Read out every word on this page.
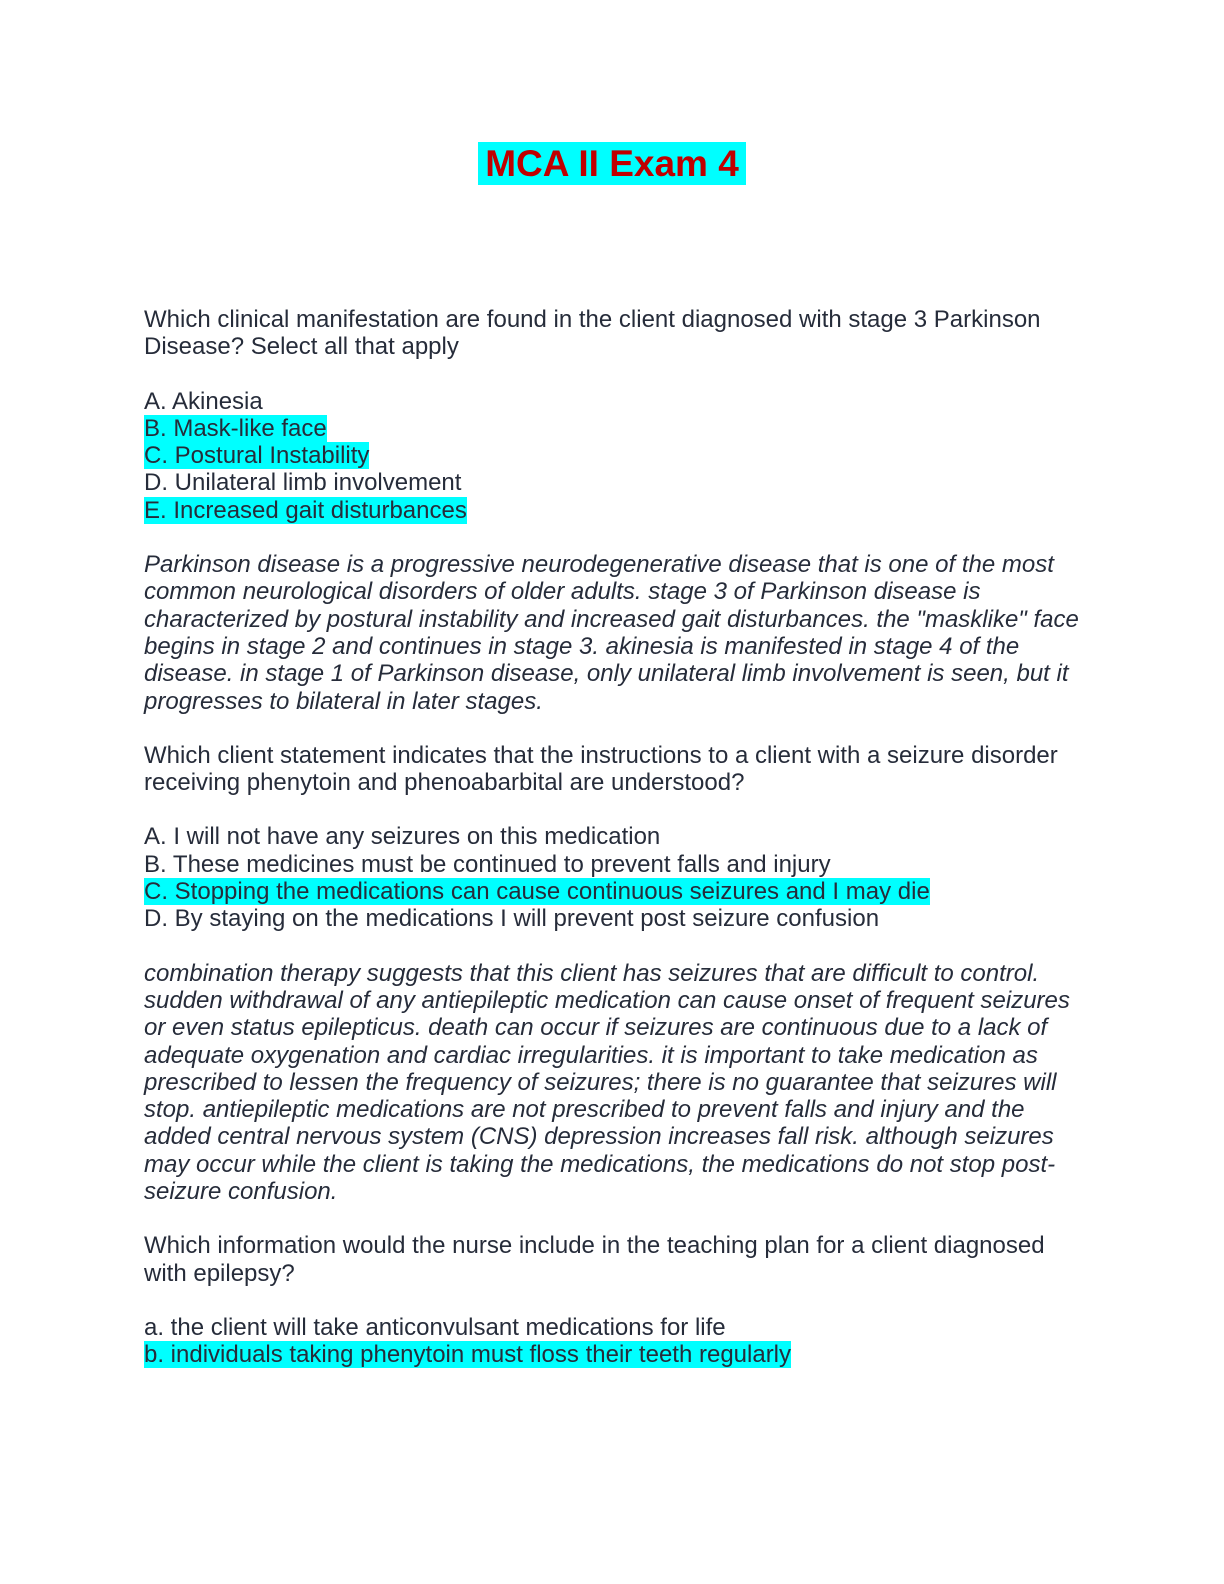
MCA II Exam 4

Which clinical manifestation are found in the client diagnosed with stage 3 Parkinson Disease? Select all that apply

A. Akinesia
B. Mask-like face
C. Postural Instability
D. Unilateral limb involvement
E. Increased gait disturbances

Parkinson disease is a progressive neurodegenerative disease that is one of the most common neurological disorders of older adults. stage 3 of Parkinson disease is characterized by postural instability and increased gait disturbances. the "masklike" face begins in stage 2 and continues in stage 3. akinesia is manifested in stage 4 of the disease. in stage 1 of Parkinson disease, only unilateral limb involvement is seen, but it progresses to bilateral in later stages.

Which client statement indicates that the instructions to a client with a seizure disorder receiving phenytoin and phenoabarbital are understood?

A. I will not have any seizures on this medication
B. These medicines must be continued to prevent falls and injury
C. Stopping the medications can cause continuous seizures and I may die
D. By staying on the medications I will prevent post seizure confusion

combination therapy suggests that this client has seizures that are difficult to control. sudden withdrawal of any antiepileptic medication can cause onset of frequent seizures or even status epilepticus. death can occur if seizures are continuous due to a lack of adequate oxygenation and cardiac irregularities. it is important to take medication as prescribed to lessen the frequency of seizures; there is no guarantee that seizures will stop. antiepileptic medications are not prescribed to prevent falls and injury and the added central nervous system (CNS) depression increases fall risk. although seizures may occur while the client is taking the medications, the medications do not stop post-seizure confusion.

Which information would the nurse include in the teaching plan for a client diagnosed with epilepsy?

a. the client will take anticonvulsant medications for life
b. individuals taking phenytoin must floss their teeth regularly
